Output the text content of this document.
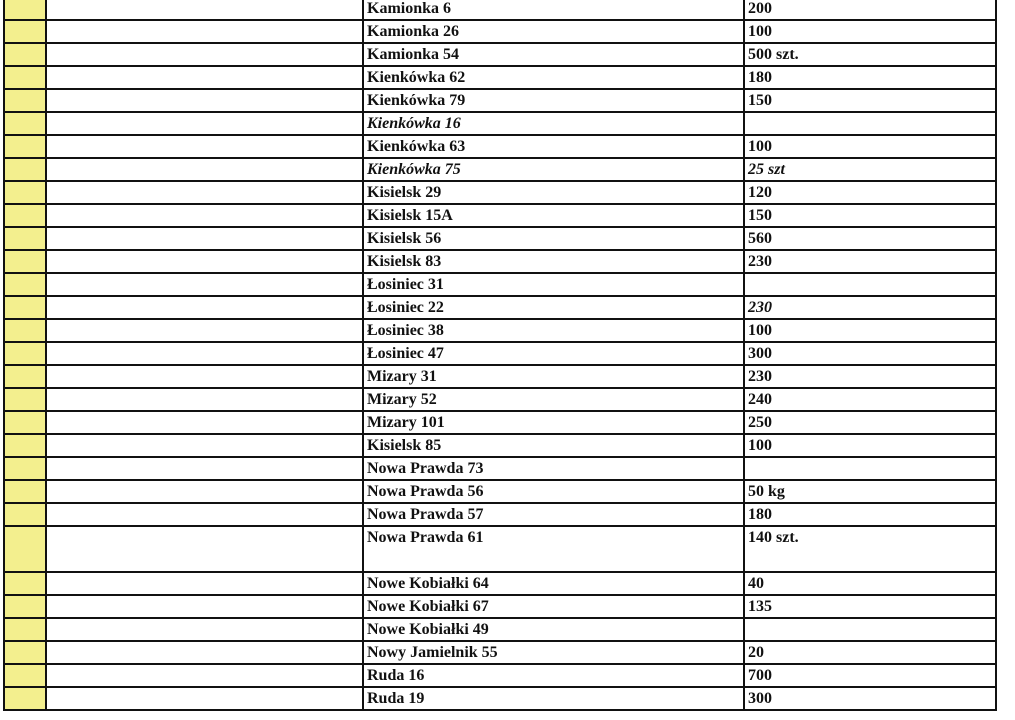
Kamionka 6	200
Kamionka 26	100
Kamionka 54	500 szt.
Kienkówka 62	180
Kienkówka 79	150
Kienkówka 16
Kienkówka 63	100
Kienkówka 75	25 szt
Kisielsk 29	120
Kisielsk 15A	150
Kisielsk 56	560
Kisielsk 83	230
Łosiniec 31
Łosiniec 22	230
Łosiniec 38	100
Łosiniec 47	300
Mizary 31	230
Mizary 52	240
Mizary 101	250
Kisielsk 85	100
Nowa Prawda 73
Nowa Prawda 56	50 kg
Nowa Prawda 57	180
Nowa Prawda 61	140 szt.
Nowe Kobiałki 64	40
Nowe Kobiałki 67	135
Nowe Kobiałki 49
Nowy Jamielnik 55	20
Ruda 16	700
Ruda 19	300
